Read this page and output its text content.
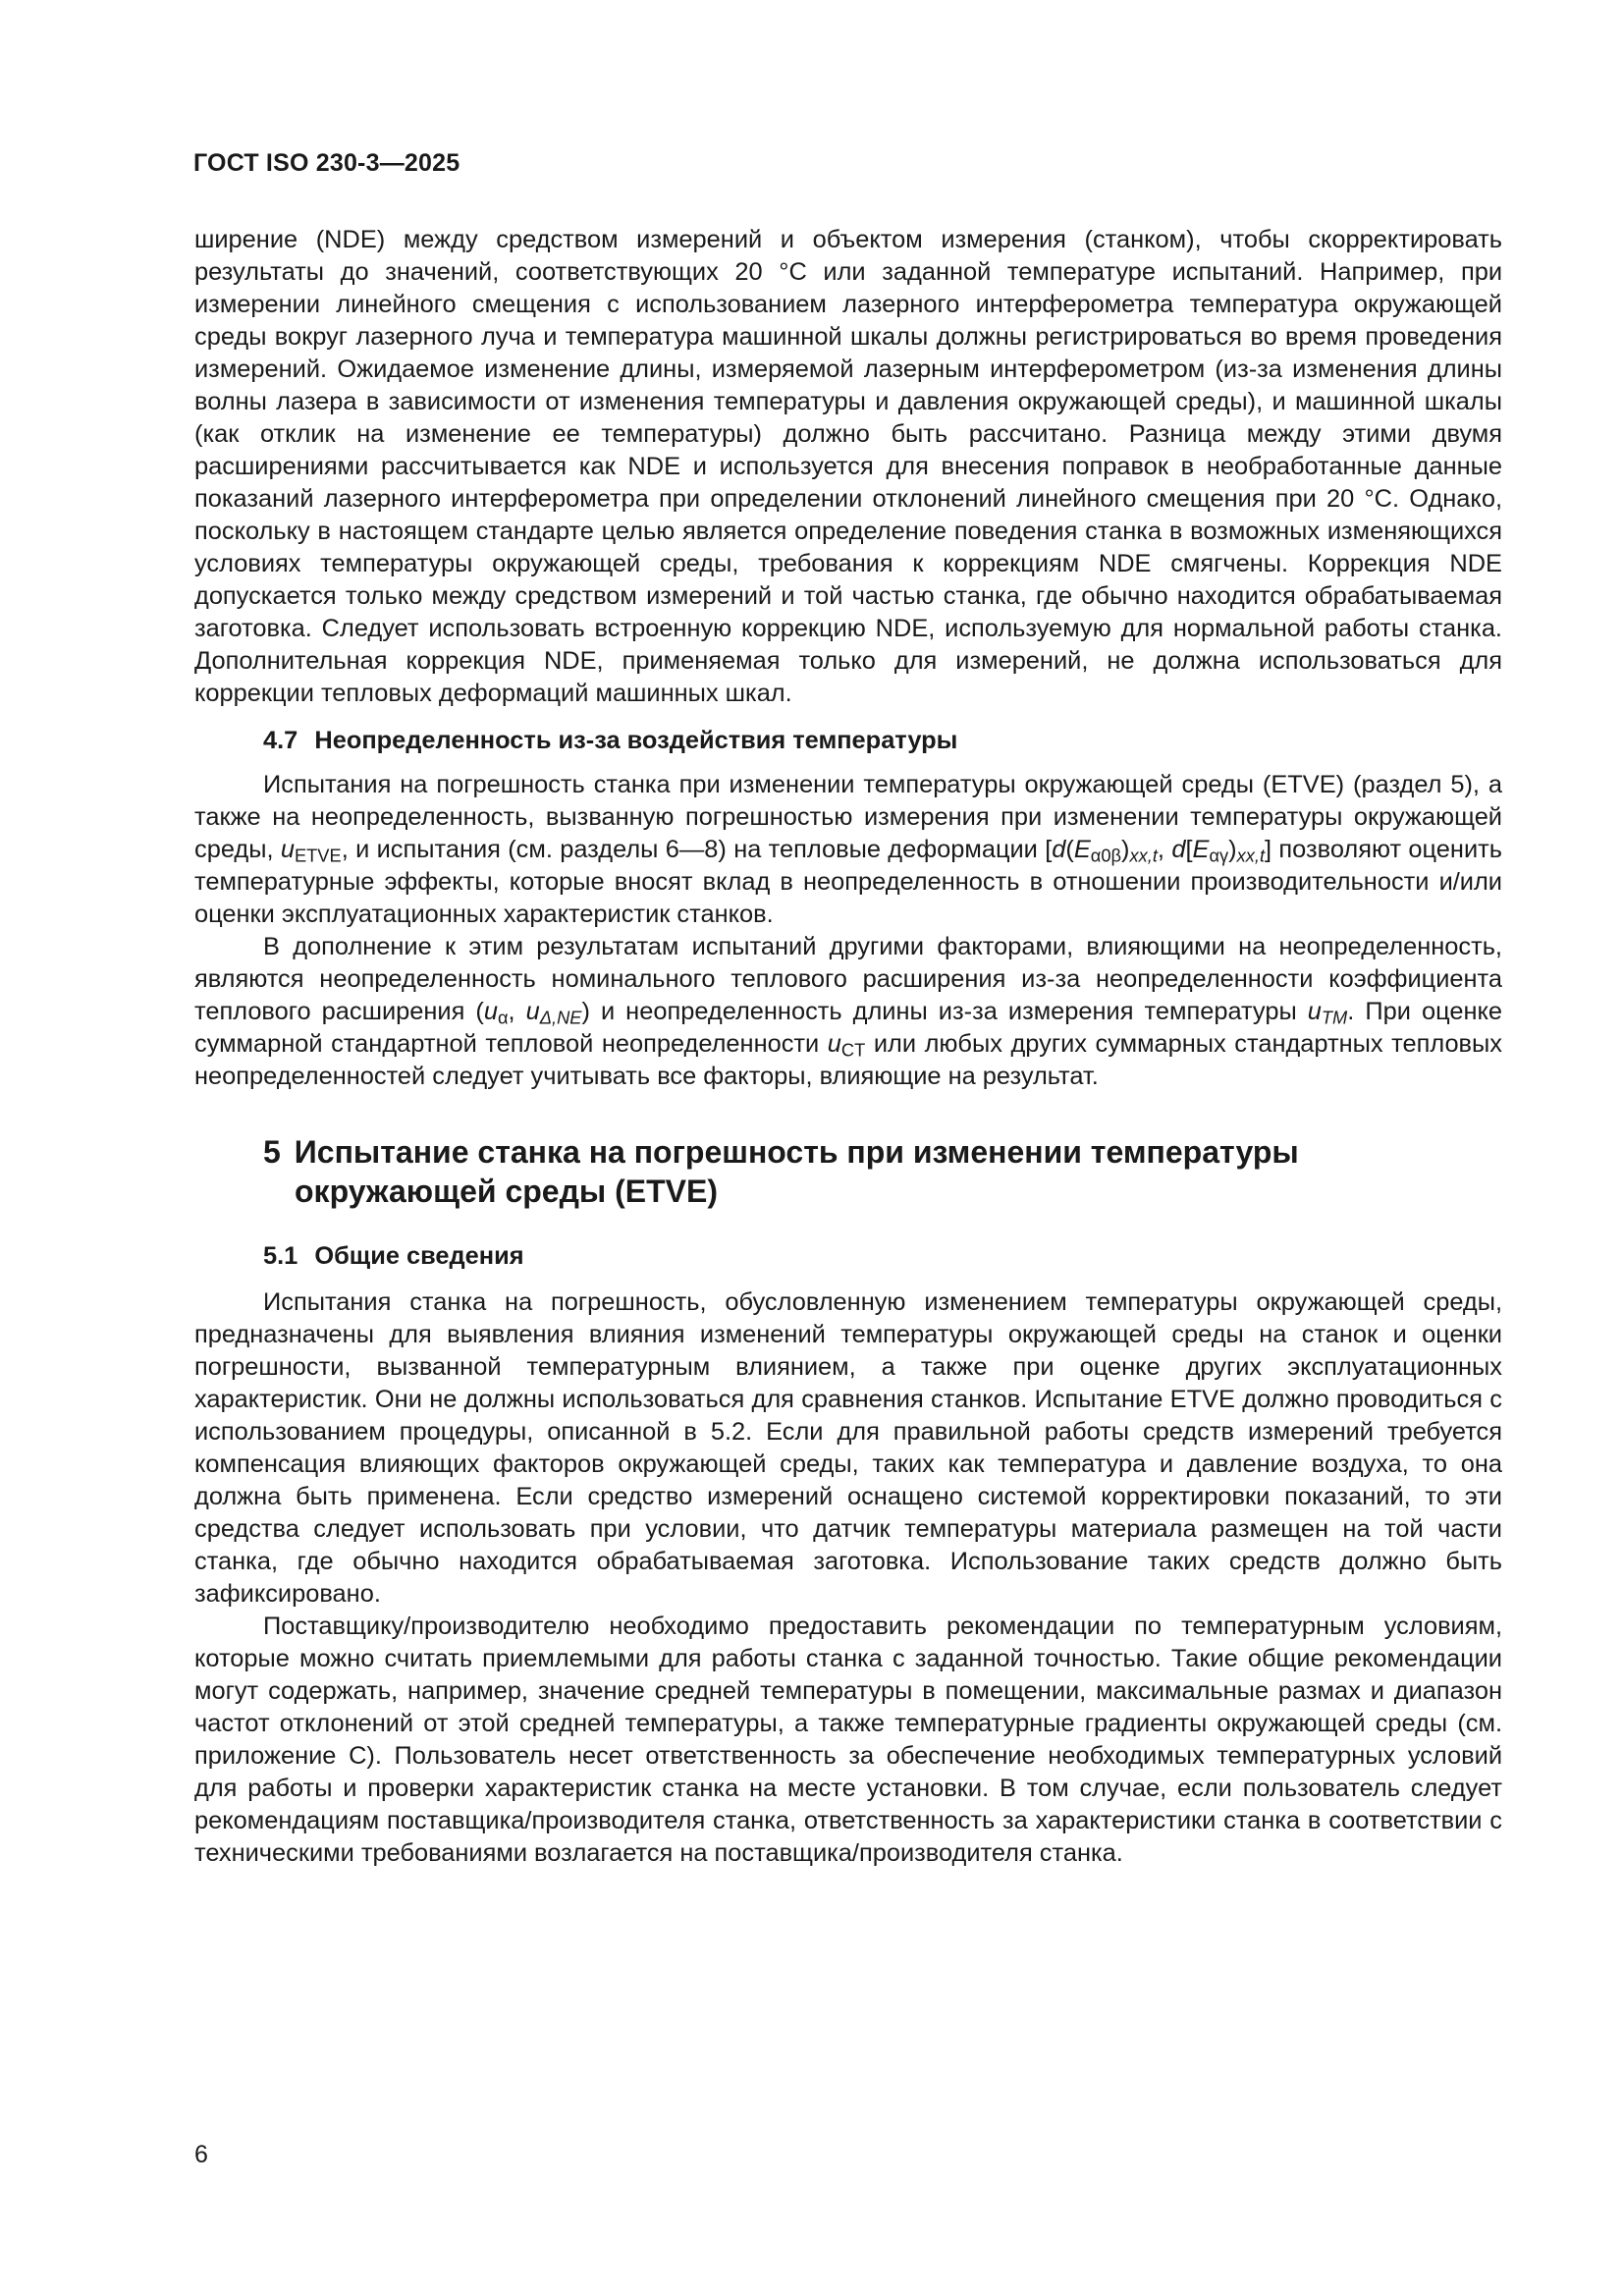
ГОСТ ISO 230-3—2025

ширение (NDE) между средством измерений и объектом измерения (станком), чтобы скорректировать результаты до значений, соответствующих 20 °С или заданной температуре испытаний. Например, при измерении линейного смещения с использованием лазерного интерферометра температура окружающей среды вокруг лазерного луча и температура машинной шкалы должны регистрироваться во время проведения измерений. Ожидаемое изменение длины, измеряемой лазерным интерферометром (из-за изменения длины волны лазера в зависимости от изменения температуры и давления окружающей среды), и машинной шкалы (как отклик на изменение ее температуры) должно быть рассчитано. Разница между этими двумя расширениями рассчитывается как NDE и используется для внесения поправок в необработанные данные показаний лазерного интерферометра при определении отклонений линейного смещения при 20 °С. Однако, поскольку в настоящем стандарте целью является определение поведения станка в возможных изменяющихся условиях температуры окружающей среды, требования к коррекциям NDE смягчены. Коррекция NDE допускается только между средством измерений и той частью станка, где обычно находится обрабатываемая заготовка. Следует использовать встроенную коррекцию NDE, используемую для нормальной работы станка. Дополнительная коррекция NDE, применяемая только для измерений, не должна использоваться для коррекции тепловых деформаций машинных шкал.

4.7 Неопределенность из-за воздействия температуры

Испытания на погрешность станка при изменении температуры окружающей среды (ETVE) (раздел 5), а также на неопределенность, вызванную погрешностью измерения при изменении температуры окружающей среды, $u_{ETVE}$, и испытания (см. разделы 6—8) на тепловые деформации [$d(E_{\alpha 0\beta})_{xx,t}$, $d[E_{\alpha\gamma})_{xx,t}$] позволяют оценить температурные эффекты, которые вносят вклад в неопределенность в отношении производительности и/или оценки эксплуатационных характеристик станков.

В дополнение к этим результатам испытаний другими факторами, влияющими на неопределенность, являются неопределенность номинального теплового расширения из-за неопределенности коэффициента теплового расширения ($u_\alpha$, $u_{\Delta,NE}$) и неопределенность длины из-за измерения температуры $u_{TM}$. При оценке суммарной стандартной тепловой неопределенности $u_{CT}$ или любых других суммарных стандартных тепловых неопределенностей следует учитывать все факторы, влияющие на результат.

5 Испытание станка на погрешность при изменении температуры
окружающей среды (ETVE)
5.1 Общие сведения

Испытания станка на погрешность, обусловленную изменением температуры окружающей среды, предназначены для выявления влияния изменений температуры окружающей среды на станок и оценки погрешности, вызванной температурным влиянием, а также при оценке других эксплуатационных характеристик. Они не должны использоваться для сравнения станков. Испытание ETVE должно проводиться с использованием процедуры, описанной в 5.2. Если для правильной работы средств измерений требуется компенсация влияющих факторов окружающей среды, таких как температура и давление воздуха, то она должна быть применена. Если средство измерений оснащено системой корректировки показаний, то эти средства следует использовать при условии, что датчик температуры материала размещен на той части станка, где обычно находится обрабатываемая заготовка. Использование таких средств должно быть зафиксировано.

Поставщику/производителю необходимо предоставить рекомендации по температурным условиям, которые можно считать приемлемыми для работы станка с заданной точностью. Такие общие рекомендации могут содержать, например, значение средней температуры в помещении, максимальные размах и диапазон частот отклонений от этой средней температуры, а также температурные градиенты окружающей среды (см. приложение С). Пользователь несет ответственность за обеспечение необходимых температурных условий для работы и проверки характеристик станка на месте установки. В том случае, если пользователь следует рекомендациям поставщика/производителя станка, ответственность за характеристики станка в соответствии с техническими требованиями возлагается на поставщика/производителя станка.

6
